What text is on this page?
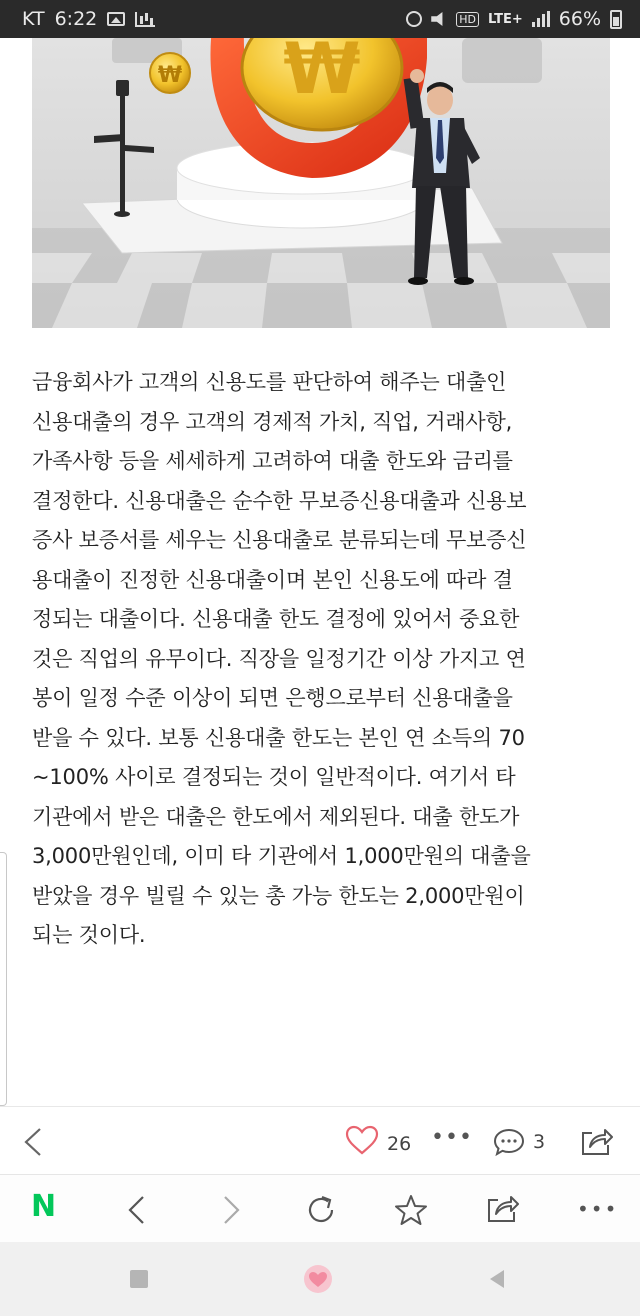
KT 6:22	HD LTE+ 66%
₩
₩

금융회사가 고객의 신용도를 판단하여 해주는 대출인

신용대출의 경우 고객의 경제적 가치, 직업, 거래사항,

가족사항 등을 세세하게 고려하여 대출 한도와 금리를

결정한다. 신용대출은 순수한 무보증신용대출과 신용보

증사 보증서를 세우는 신용대출로 분류되는데 무보증신

용대출이 진정한 신용대출이며 본인 신용도에 따라 결

정되는 대출이다. 신용대출 한도 결정에 있어서 중요한

것은 직업의 유무이다. 직장을 일정기간 이상 가지고 연

봉이 일정 수준 이상이 되면 은행으로부터 신용대출을

받을 수 있다. 보통 신용대출 한도는 본인 연 소득의 70

~100% 사이로 결정되는 것이 일반적이다. 여기서 타

기관에서 받은 대출은 한도에서 제외된다. 대출 한도가

3,000만원인데, 이미 타 기관에서 1,000만원의 대출을

받았을 경우 빌릴 수 있는 총 가능 한도는 2,000만원이

되는 것이다.

26 •••	3
N	•••
